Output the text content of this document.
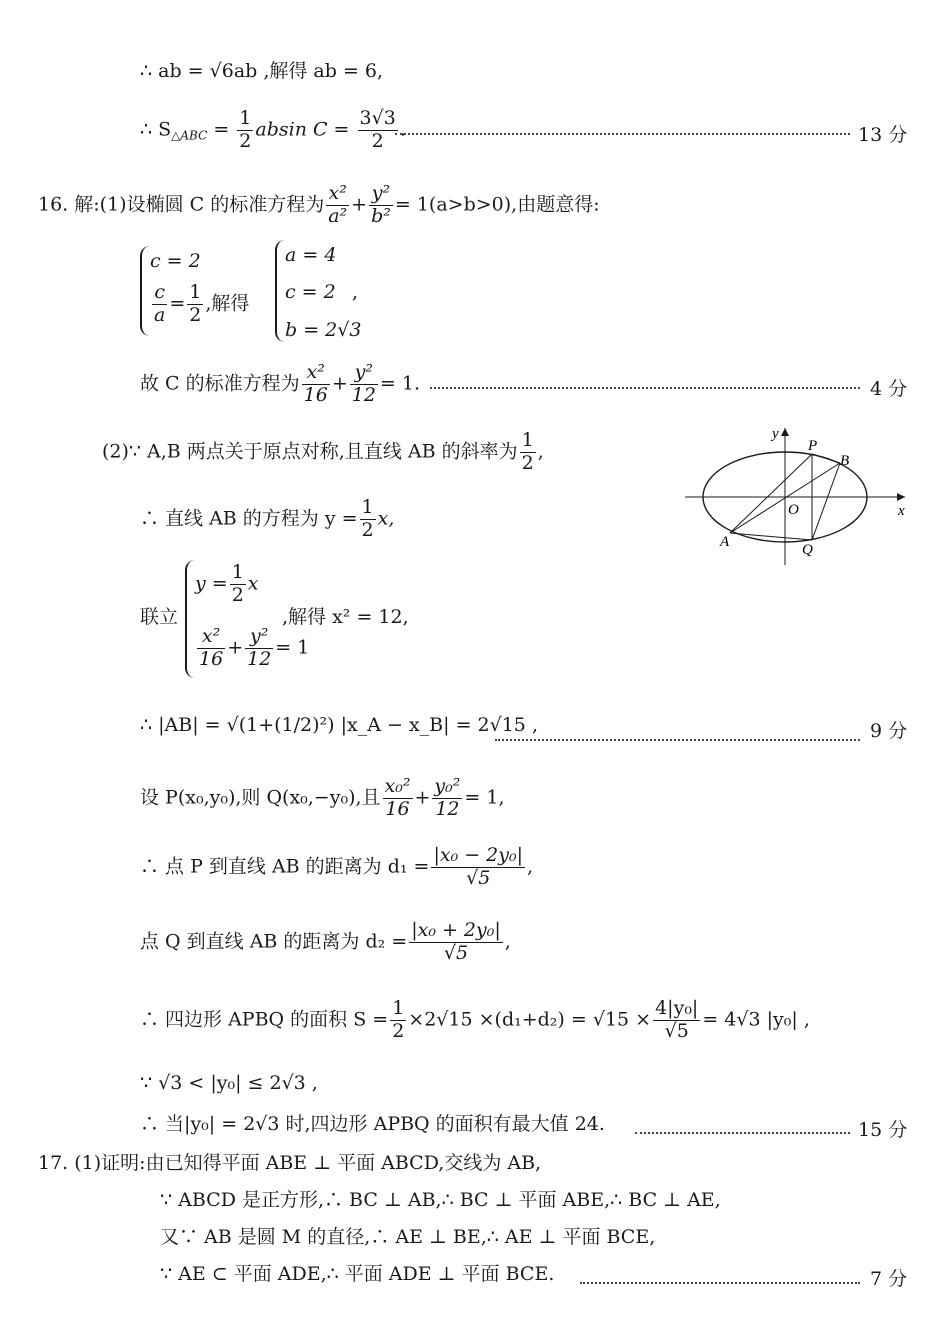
∴ ab = √6ab ,解得 ab = 6,
∴ $S_{\triangle ABC} = \frac{1}{2}$ absin $C = \frac{3√3}{2}$ .	13 分
16. 解:(1)设椭圆 C 的标准方程为 $\frac{\text{x²}}{\text{a²}} + \frac{\text{y²}}{\text{b²}} = 1(a>b>0)$,由题意得:
c = 2
$\frac{c}{a} = \frac{1}{2}$ ,解得
a = 4
c = 2
b = 2√3
,
故 C 的标准方程为 $\frac{\text{x²}}{16} + \frac{\text{y²}}{12} = 1$.	4 分
(2)∵ A,B 两点关于原点对称,且直线 AB 的斜率为 $\frac{1}{2}$ ,
y
x
O
P
B
A	Q
∴ 直线 AB 的方程为 $y = \frac{1}{2} x$,
联立
$y = \frac{1}{2}$ x
$\frac{\text{x²}}{16} + \frac{\text{y²}}{12} = 1$
,解得 x² = 12,
∴ |AB| = √(1+(1/2)²) |x_A − x_B| = 2√15 ,	9 分
设 P(x₀,y₀),则 Q(x₀,−y₀),且 $\frac{\text{x₀²}}{16} + \frac{\text{y₀²}}{12} = 1$,
∴ 点 P 到直线 AB 的距离为 $d_1 = \frac{\text{|x₀ − 2y₀|}}{√5}$ ,
点 Q 到直线 AB 的距离为 $d_2 = \frac{\text{|x₀ + 2y₀|}}{√5}$ ,
∴ 四边形 APBQ 的面积 $S = \frac{1}{2} \times 2√15 \times(d_1+d_2) = √15 \times \frac{\text{4|y₀|}}{√5} = 4√3$ |y₀| ,
∵ √3 < |y₀| ≤ 2√3 ,
∴ 当|y₀| = 2√3 时,四边形 APBQ 的面积有最大值 24.	15 分
17. (1)证明:由已知得平面 ABE ⊥ 平面 ABCD,交线为 AB,
∵ ABCD 是正方形,∴ BC ⊥ AB,∴ BC ⊥ 平面 ABE,∴ BC ⊥ AE,
又∵ AB 是圆 M 的直径,∴ AE ⊥ BE,∴ AE ⊥ 平面 BCE,
∵ AE ⊂ 平面 ADE,∴ 平面 ADE ⊥ 平面 BCE.	7 分
